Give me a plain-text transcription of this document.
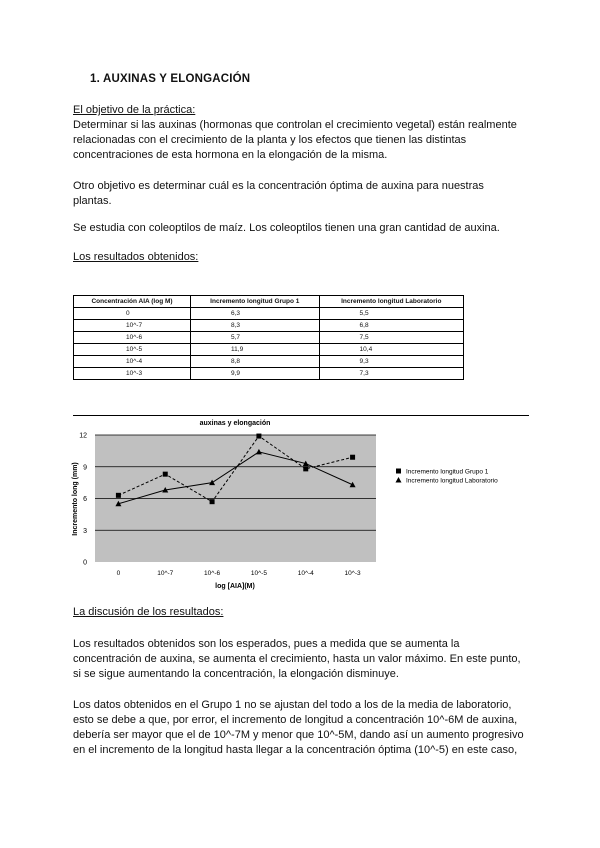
1. AUXINAS Y ELONGACIÓN
El objetivo de la práctica:
Determinar si las auxinas (hormonas que controlan el crecimiento vegetal) están realmente
relacionadas con el crecimiento de la planta y los efectos que tienen las distintas
concentraciones de esta hormona en la elongación de la misma.
Otro objetivo es determinar cuál es la concentración óptima de auxina para nuestras
plantas.
Se estudia con coleoptilos de maíz. Los coleoptilos tienen una gran cantidad de auxina.
Los resultados obtenidos:
Concentración AIA (log M)	Incremento longitud Grupo 1	Incremento longitud Laboratorio
0	6,3	5,5
10^-7	8,3	6,8
10^-6	5,7	7,5
10^-5	11,9	10,4
10^-4	8,8	9,3
10^-3	9,9	7,3
auxinas y elongación
0
3
6
9
12
0	10^-7	10^-6	10^-5	10^-4	10^-3
Incremento long (mm)
log [AIA](M)
Incremento longitud Grupo 1
Incremento longitud Laboratorio
La discusión de los resultados:
Los resultados obtenidos son los esperados, pues a medida que se aumenta la
concentración de auxina, se aumenta el crecimiento, hasta un valor máximo. En este punto,
si se sigue aumentando la concentración, la elongación disminuye.
Los datos obtenidos en el Grupo 1 no se ajustan del todo a los de la media de laboratorio,
esto se debe a que, por error, el incremento de longitud a concentración 10^-6M de auxina,
debería ser mayor que el de 10^-7M y menor que 10^-5M, dando así un aumento progresivo
en el incremento de la longitud hasta llegar a la concentración óptima (10^-5) en este caso,
